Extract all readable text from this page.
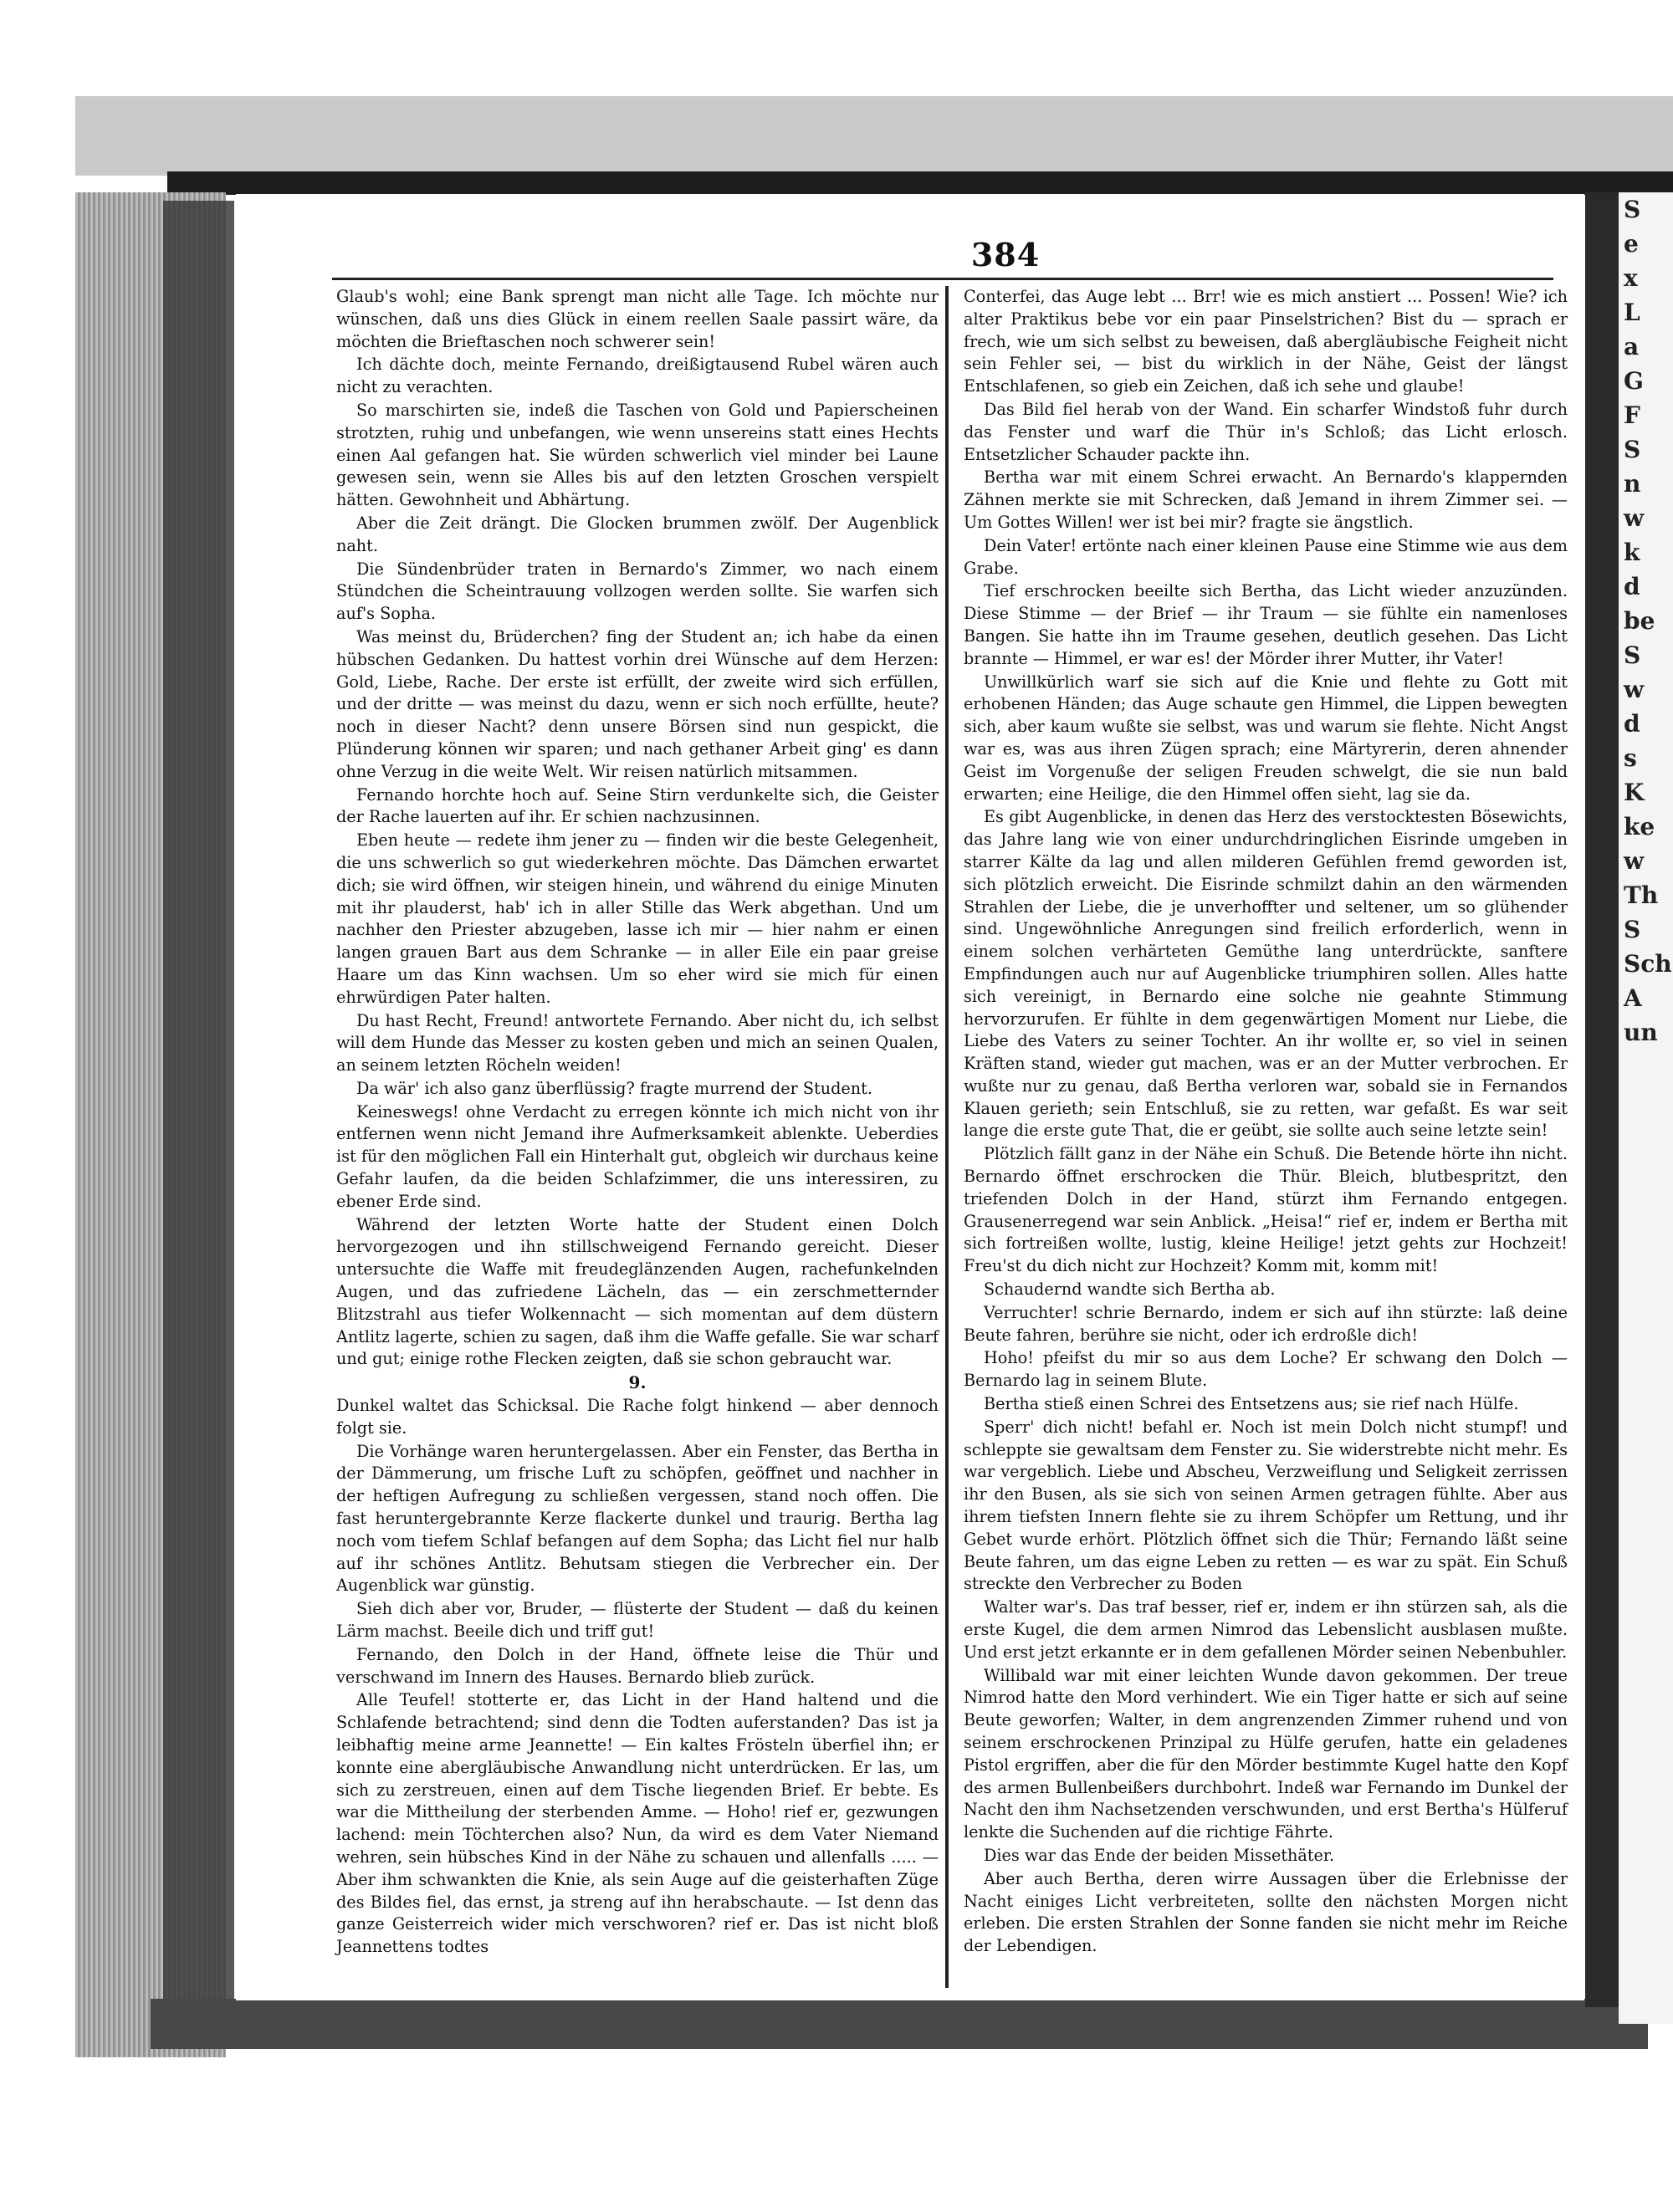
S
e
x
L
a
G
F
S
n
w
k
d
be
S
w
d
s
K
ke
w
Th
S
Sch
A
un
384

Glaub's wohl; eine Bank sprengt man nicht alle Tage. Ich möchte nur wünschen, daß uns dies Glück in einem reellen Saale passirt wäre, da möchten die Brieftaschen noch schwerer sein!

Ich dächte doch, meinte Fernando, dreißigtausend Rubel wären auch nicht zu verachten.

So marschirten sie, indeß die Taschen von Gold und Papierscheinen strotzten, ruhig und unbefangen, wie wenn unsereins statt eines Hechts einen Aal gefangen hat. Sie würden schwerlich viel minder bei Laune gewesen sein, wenn sie Alles bis auf den letzten Groschen verspielt hätten. Gewohnheit und Abhärtung.

Aber die Zeit drängt. Die Glocken brummen zwölf. Der Augenblick naht.

Die Sündenbrüder traten in Bernardo's Zimmer, wo nach einem Stündchen die Scheintrauung vollzogen werden sollte. Sie warfen sich auf's Sopha.

Was meinst du, Brüderchen? fing der Student an; ich habe da einen hübschen Gedanken. Du hattest vorhin drei Wünsche auf dem Herzen: Gold, Liebe, Rache. Der erste ist erfüllt, der zweite wird sich erfüllen, und der dritte — was meinst du dazu, wenn er sich noch erfüllte, heute? noch in dieser Nacht? denn unsere Börsen sind nun gespickt, die Plünderung können wir sparen; und nach gethaner Arbeit ging' es dann ohne Verzug in die weite Welt. Wir reisen natürlich mitsammen.

Fernando horchte hoch auf. Seine Stirn verdunkelte sich, die Geister der Rache lauerten auf ihr. Er schien nachzusinnen.

Eben heute — redete ihm jener zu — finden wir die beste Gelegenheit, die uns schwerlich so gut wiederkehren möchte. Das Dämchen erwartet dich; sie wird öffnen, wir steigen hinein, und während du einige Minuten mit ihr plauderst, hab' ich in aller Stille das Werk abgethan. Und um nachher den Priester abzugeben, lasse ich mir — hier nahm er einen langen grauen Bart aus dem Schranke — in aller Eile ein paar greise Haare um das Kinn wachsen. Um so eher wird sie mich für einen ehrwürdigen Pater halten.

Du hast Recht, Freund! antwortete Fernando. Aber nicht du, ich selbst will dem Hunde das Messer zu kosten geben und mich an seinen Qualen, an seinem letzten Röcheln weiden!

Da wär' ich also ganz überflüssig? fragte murrend der Student.

Keineswegs! ohne Verdacht zu erregen könnte ich mich nicht von ihr entfernen wenn nicht Jemand ihre Aufmerksamkeit ablenkte. Ueberdies ist für den möglichen Fall ein Hinterhalt gut, obgleich wir durchaus keine Gefahr laufen, da die beiden Schlafzimmer, die uns interessiren, zu ebener Erde sind.

Während der letzten Worte hatte der Student einen Dolch hervorgezogen und ihn stillschweigend Fernando gereicht. Dieser untersuchte die Waffe mit freudeglänzenden Augen, rachefunkelnden Augen, und das zufriedene Lächeln, das — ein zerschmetternder Blitzstrahl aus tiefer Wolkennacht — sich momentan auf dem düstern Antlitz lagerte, schien zu sagen, daß ihm die Waffe gefalle. Sie war scharf und gut; einige rothe Flecken zeigten, daß sie schon gebraucht war.

9.

Dunkel waltet das Schicksal. Die Rache folgt hinkend — aber dennoch folgt sie.

Die Vorhänge waren heruntergelassen. Aber ein Fenster, das Bertha in der Dämmerung, um frische Luft zu schöpfen, geöffnet und nachher in der heftigen Aufregung zu schließen vergessen, stand noch offen. Die fast heruntergebrannte Kerze flackerte dunkel und traurig. Bertha lag noch vom tiefem Schlaf befangen auf dem Sopha; das Licht fiel nur halb auf ihr schönes Antlitz. Behutsam stiegen die Verbrecher ein. Der Augenblick war günstig.

Sieh dich aber vor, Bruder, — flüsterte der Student — daß du keinen Lärm machst. Beeile dich und triff gut!

Fernando, den Dolch in der Hand, öffnete leise die Thür und verschwand im Innern des Hauses. Bernardo blieb zurück.

Alle Teufel! stotterte er, das Licht in der Hand haltend und die Schlafende betrachtend; sind denn die Todten auferstanden? Das ist ja leibhaftig meine arme Jeannette! — Ein kaltes Frösteln überfiel ihn; er konnte eine abergläubische Anwandlung nicht unterdrücken. Er las, um sich zu zerstreuen, einen auf dem Tische liegenden Brief. Er bebte. Es war die Mittheilung der sterbenden Amme. — Hoho! rief er, gezwungen lachend: mein Töchterchen also? Nun, da wird es dem Vater Niemand wehren, sein hübsches Kind in der Nähe zu schauen und allenfalls ..... — Aber ihm schwankten die Knie, als sein Auge auf die geisterhaften Züge des Bildes fiel, das ernst, ja streng auf ihn herabschaute. — Ist denn das ganze Geisterreich wider mich verschworen? rief er. Das ist nicht bloß Jeannettens todtes

Conterfei, das Auge lebt ... Brr! wie es mich anstiert ... Possen! Wie? ich alter Praktikus bebe vor ein paar Pinselstrichen? Bist du — sprach er frech, wie um sich selbst zu beweisen, daß abergläubische Feigheit nicht sein Fehler sei, — bist du wirklich in der Nähe, Geist der längst Entschlafenen, so gieb ein Zeichen, daß ich sehe und glaube!

Das Bild fiel herab von der Wand. Ein scharfer Windstoß fuhr durch das Fenster und warf die Thür in's Schloß; das Licht erlosch. Entsetzlicher Schauder packte ihn.

Bertha war mit einem Schrei erwacht. An Bernardo's klappernden Zähnen merkte sie mit Schrecken, daß Jemand in ihrem Zimmer sei. — Um Gottes Willen! wer ist bei mir? fragte sie ängstlich.

Dein Vater! ertönte nach einer kleinen Pause eine Stimme wie aus dem Grabe.

Tief erschrocken beeilte sich Bertha, das Licht wieder anzuzünden. Diese Stimme — der Brief — ihr Traum — sie fühlte ein namenloses Bangen. Sie hatte ihn im Traume gesehen, deutlich gesehen. Das Licht brannte — Himmel, er war es! der Mörder ihrer Mutter, ihr Vater!

Unwillkürlich warf sie sich auf die Knie und flehte zu Gott mit erhobenen Händen; das Auge schaute gen Himmel, die Lippen bewegten sich, aber kaum wußte sie selbst, was und warum sie flehte. Nicht Angst war es, was aus ihren Zügen sprach; eine Märtyrerin, deren ahnender Geist im Vorgenuße der seligen Freuden schwelgt, die sie nun bald erwarten; eine Heilige, die den Himmel offen sieht, lag sie da.

Es gibt Augenblicke, in denen das Herz des verstocktesten Bösewichts, das Jahre lang wie von einer undurchdringlichen Eisrinde umgeben in starrer Kälte da lag und allen milderen Gefühlen fremd geworden ist, sich plötzlich erweicht. Die Eisrinde schmilzt dahin an den wärmenden Strahlen der Liebe, die je unverhoffter und seltener, um so glühender sind. Ungewöhnliche Anregungen sind freilich erforderlich, wenn in einem solchen verhärteten Gemüthe lang unterdrückte, sanftere Empfindungen auch nur auf Augenblicke triumphiren sollen. Alles hatte sich vereinigt, in Bernardo eine solche nie geahnte Stimmung hervorzurufen. Er fühlte in dem gegenwärtigen Moment nur Liebe, die Liebe des Vaters zu seiner Tochter. An ihr wollte er, so viel in seinen Kräften stand, wieder gut machen, was er an der Mutter verbrochen. Er wußte nur zu genau, daß Bertha verloren war, sobald sie in Fernandos Klauen gerieth; sein Entschluß, sie zu retten, war gefaßt. Es war seit lange die erste gute That, die er geübt, sie sollte auch seine letzte sein!

Plötzlich fällt ganz in der Nähe ein Schuß. Die Betende hörte ihn nicht. Bernardo öffnet erschrocken die Thür. Bleich, blutbespritzt, den triefenden Dolch in der Hand, stürzt ihm Fernando entgegen. Grausenerregend war sein Anblick. „Heisa!“ rief er, indem er Bertha mit sich fortreißen wollte, lustig, kleine Heilige! jetzt gehts zur Hochzeit! Freu'st du dich nicht zur Hochzeit? Komm mit, komm mit!

Schaudernd wandte sich Bertha ab.

Verruchter! schrie Bernardo, indem er sich auf ihn stürzte: laß deine Beute fahren, berühre sie nicht, oder ich erdroßle dich!

Hoho! pfeifst du mir so aus dem Loche? Er schwang den Dolch — Bernardo lag in seinem Blute.

Bertha stieß einen Schrei des Entsetzens aus; sie rief nach Hülfe.

Sperr' dich nicht! befahl er. Noch ist mein Dolch nicht stumpf! und schleppte sie gewaltsam dem Fenster zu. Sie widerstrebte nicht mehr. Es war vergeblich. Liebe und Abscheu, Verzweiflung und Seligkeit zerrissen ihr den Busen, als sie sich von seinen Armen getragen fühlte. Aber aus ihrem tiefsten Innern flehte sie zu ihrem Schöpfer um Rettung, und ihr Gebet wurde erhört. Plötzlich öffnet sich die Thür; Fernando läßt seine Beute fahren, um das eigne Leben zu retten — es war zu spät. Ein Schuß streckte den Verbrecher zu Boden

Walter war's. Das traf besser, rief er, indem er ihn stürzen sah, als die erste Kugel, die dem armen Nimrod das Lebenslicht ausblasen mußte. Und erst jetzt erkannte er in dem gefallenen Mörder seinen Nebenbuhler.

Willibald war mit einer leichten Wunde davon gekommen. Der treue Nimrod hatte den Mord verhindert. Wie ein Tiger hatte er sich auf seine Beute geworfen; Walter, in dem angrenzenden Zimmer ruhend und von seinem erschrockenen Prinzipal zu Hülfe gerufen, hatte ein geladenes Pistol ergriffen, aber die für den Mörder bestimmte Kugel hatte den Kopf des armen Bullenbeißers durchbohrt. Indeß war Fernando im Dunkel der Nacht den ihm Nachsetzenden verschwunden, und erst Bertha's Hülferuf lenkte die Suchenden auf die richtige Fährte.

Dies war das Ende der beiden Missethäter.

Aber auch Bertha, deren wirre Aussagen über die Erlebnisse der Nacht einiges Licht verbreiteten, sollte den nächsten Morgen nicht erleben. Die ersten Strahlen der Sonne fanden sie nicht mehr im Reiche der Lebendigen.
